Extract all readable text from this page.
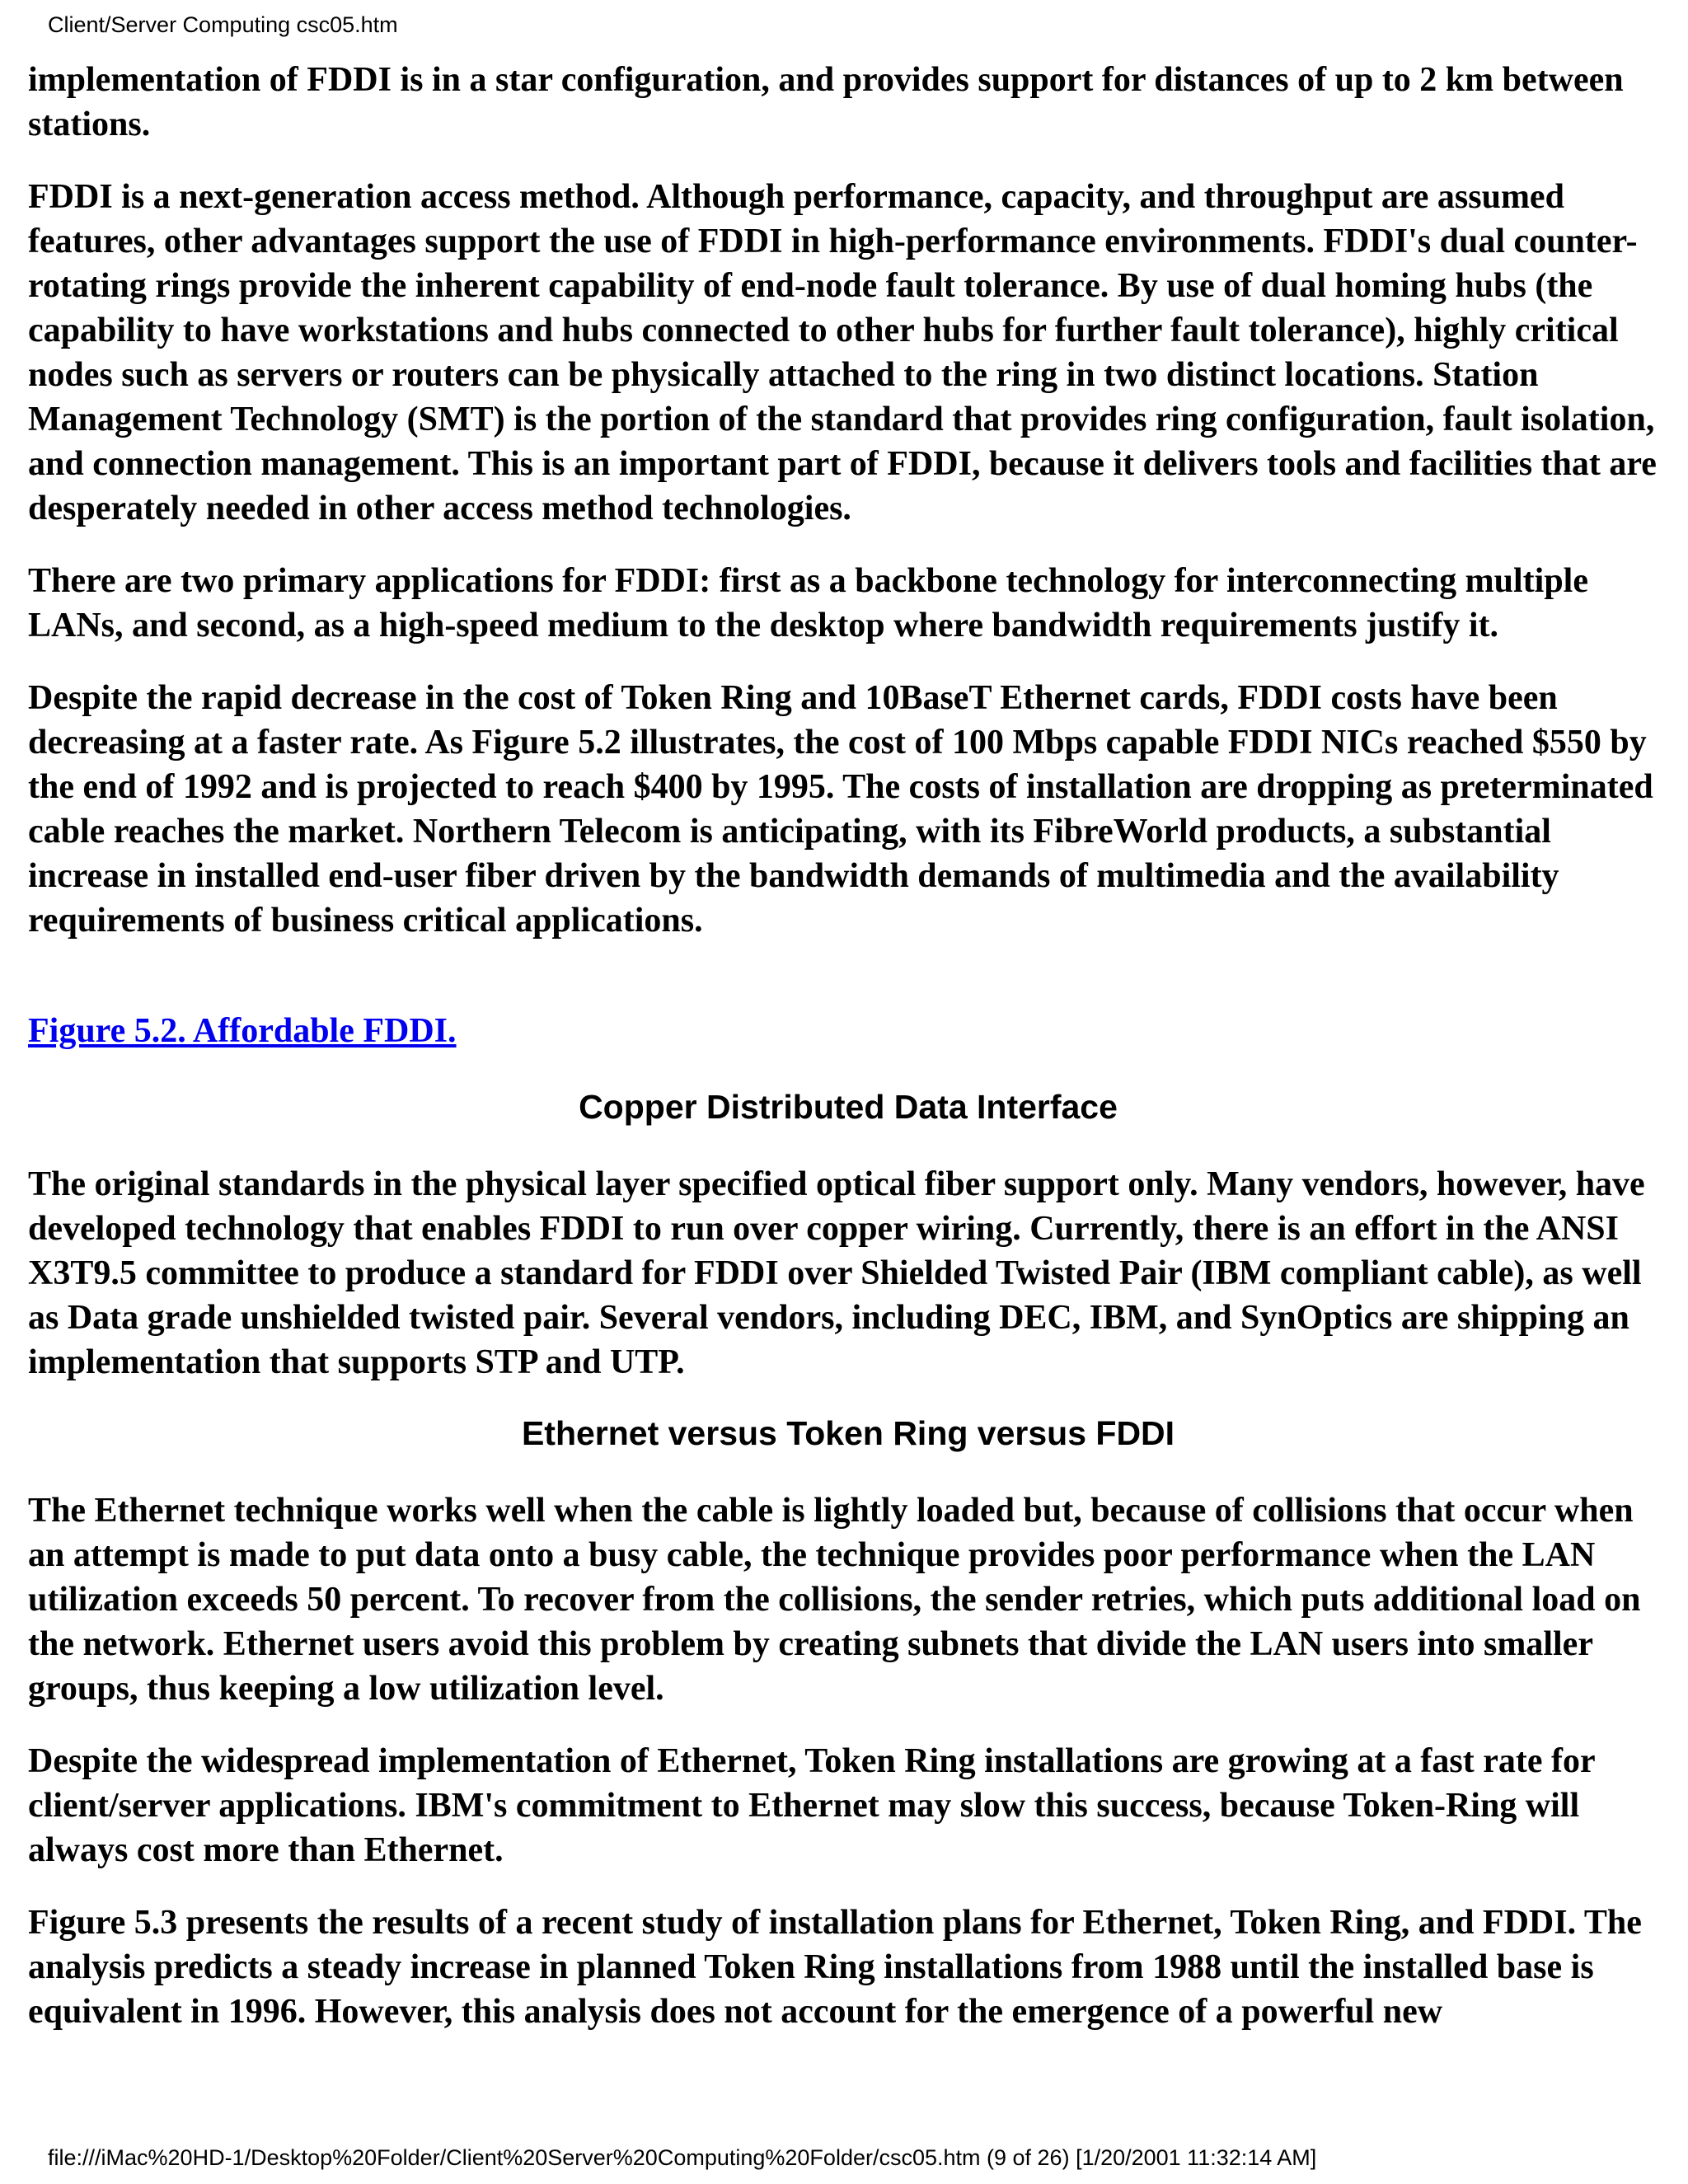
Client/Server Computing csc05.htm

implementation of FDDI is in a star configuration, and provides support for distances of up to 2 km between stations.

FDDI is a next-generation access method. Although performance, capacity, and throughput are assumed features, other advantages support the use of FDDI in high-performance environments. FDDI's dual counter-rotating rings provide the inherent capability of end-node fault tolerance. By use of dual homing hubs (the capability to have workstations and hubs connected to other hubs for further fault tolerance), highly critical nodes such as servers or routers can be physically attached to the ring in two distinct locations. Station Management Technology (SMT) is the portion of the standard that provides ring configuration, fault isolation, and connection management. This is an important part of FDDI, because it delivers tools and facilities that are desperately needed in other access method technologies.

There are two primary applications for FDDI: first as a backbone technology for interconnecting multiple LANs, and second, as a high-speed medium to the desktop where bandwidth requirements justify it.

Despite the rapid decrease in the cost of Token Ring and 10BaseT Ethernet cards, FDDI costs have been decreasing at a faster rate. As Figure 5.2 illustrates, the cost of 100 Mbps capable FDDI NICs reached $550 by the end of 1992 and is projected to reach $400 by 1995. The costs of installation are dropping as preterminated cable reaches the market. Northern Telecom is anticipating, with its FibreWorld products, a substantial increase in installed end-user fiber driven by the bandwidth demands of multimedia and the availability requirements of business critical applications.

Figure 5.2. Affordable FDDI.
Copper Distributed Data Interface

The original standards in the physical layer specified optical fiber support only. Many vendors, however, have developed technology that enables FDDI to run over copper wiring. Currently, there is an effort in the ANSI X3T9.5 committee to produce a standard for FDDI over Shielded Twisted Pair (IBM compliant cable), as well as Data grade unshielded twisted pair. Several vendors, including DEC, IBM, and SynOptics are shipping an implementation that supports STP and UTP.

Ethernet versus Token Ring versus FDDI

The Ethernet technique works well when the cable is lightly loaded but, because of collisions that occur when an attempt is made to put data onto a busy cable, the technique provides poor performance when the LAN utilization exceeds 50 percent. To recover from the collisions, the sender retries, which puts additional load on the network. Ethernet users avoid this problem by creating subnets that divide the LAN users into smaller groups, thus keeping a low utilization level.

Despite the widespread implementation of Ethernet, Token Ring installations are growing at a fast rate for client/server applications. IBM's commitment to Ethernet may slow this success, because Token-Ring will always cost more than Ethernet.

Figure 5.3 presents the results of a recent study of installation plans for Ethernet, Token Ring, and FDDI. The analysis predicts a steady increase in planned Token Ring installations from 1988 until the installed base is equivalent in 1996. However, this analysis does not account for the emergence of a powerful new

file:///iMac%20HD-1/Desktop%20Folder/Client%20Server%20Computing%20Folder/csc05.htm (9 of 26) [1/20/2001 11:32:14 AM]
